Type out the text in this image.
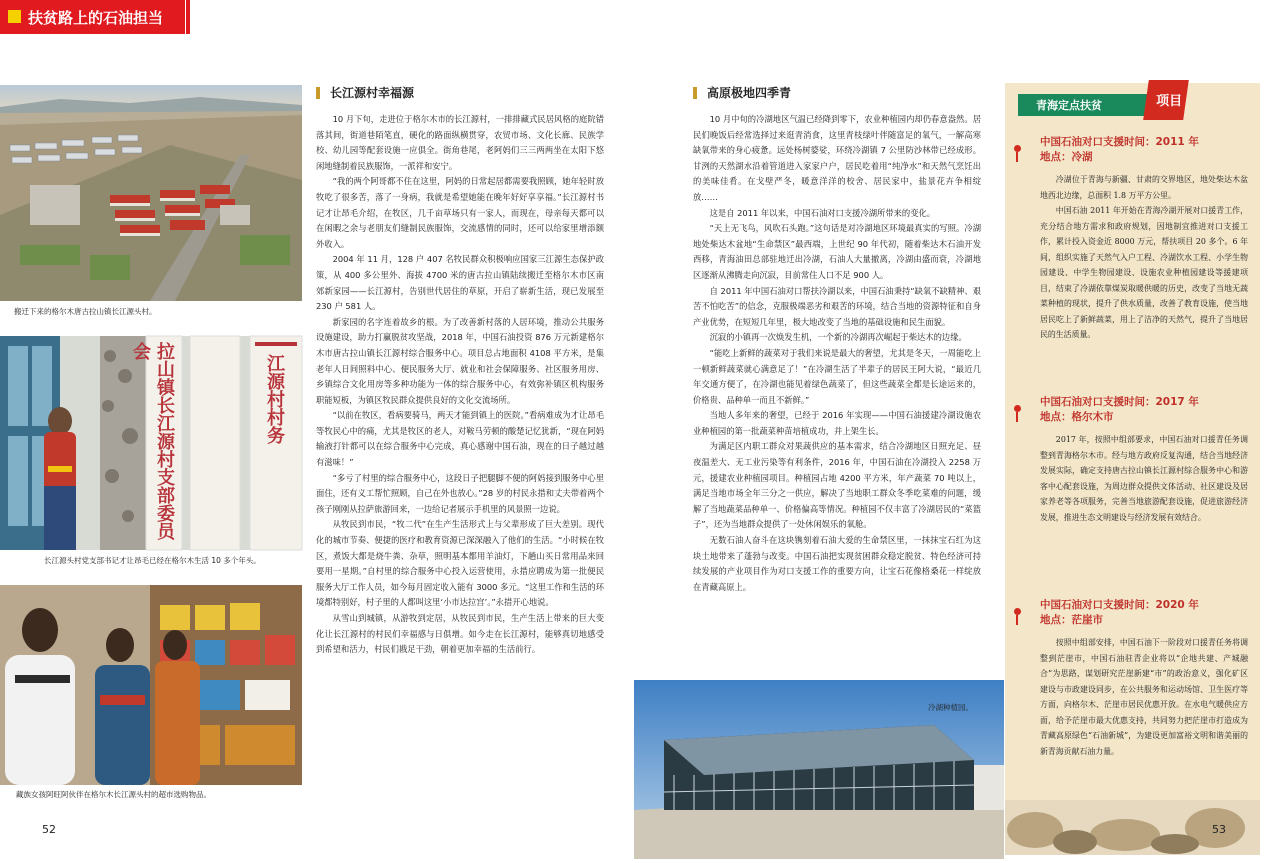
扶贫路上的石油担当
搬迁下来的格尔木唐古拉山镇长江源头村。
拉山镇长江源村支部委员会
江源村村务
长江源头村党支部书记才让昂毛已经在格尔木生活 10 多个年头。
藏族女孩阿旺阿伙伴在格尔木长江源头村的超市选购物品。
长江源村幸福源

10 月下旬，走进位于格尔木市的长江源村，一排排藏式民居风格的庭院错落其间，街道巷陌笔直，硬化的路面纵横贯穿，农贸市场、文化长廊、民族学校、幼儿园等配套设施一应俱全。街角巷尾，老阿妈们三三两两坐在太阳下悠闲地缝制着民族服饰，一派祥和安宁。

“我的两个阿哥都不住在这里，阿妈的日常起居都需要我照顾，她年轻时放牧吃了很多苦，落了一身病，我就是希望她能在晚年好好享享福。”长江源村书记才让昂毛介绍，在牧区，几千亩草场只有一家人，而现在，母亲每天都可以在闲暇之余与老朋友们缝制民族服饰，交流感情的同时，还可以给家里增添额外收入。

2004 年 11 月，128 户 407 名牧民群众积极响应国家三江源生态保护政策，从 400 多公里外、海拔 4700 米的唐古拉山镇陆续搬迁至格尔木市区南郊新家园——长江源村，告别世代居住的草原，开启了崭新生活，现已发展至 230 户 581 人。

新家园的名字连着故乡的根。为了改善新村落的人居环境，推动公共服务设施建设，助力打赢脱贫攻坚战，2018 年，中国石油投资 876 万元新建格尔木市唐古拉山镇长江源村综合服务中心。项目总占地面积 4108 平方米，是集老年人日间照料中心、便民服务大厅、就业和社会保障服务、社区服务用房、乡镇综合文化用房等多种功能为一体的综合服务中心，有效弥补镇区机构服务职能短板，为镇区牧民群众提供良好的文化交流场所。

“以前在牧区，看病要骑马，两天才能到镇上的医院。”看病难成为才让昂毛等牧民心中的痛，尤其是牧区的老人，对鞍马劳顿的酸楚记忆犹新，“现在阿妈输液打针都可以在综合服务中心完成，真心感谢中国石油，现在的日子越过越有滋味！”

“多亏了村里的综合服务中心，这段日子把腿脚不便的阿妈接到服务中心里面住，还有义工帮忙照顾，自己在外也放心。”28 岁的村民永措和丈夫带着两个孩子刚刚从拉萨旅游回来，一边给记者展示手机里的风景照一边说。

从牧民到市民，“牧二代”在生产生活形式上与父辈形成了巨大差别。现代化的城市节奏、便捷的医疗和教育资源已深深融入了他们的生活。“小时候在牧区，煮饭大都是烧牛粪、杂草，照明基本都用羊油灯，下趟山买日常用品来回要用一星期。”自村里的综合服务中心投入运营使用，永措应聘成为第一批便民服务大厅工作人员，如今每月固定收入能有 3000 多元。“这里工作和生活的环境都特别好，村子里的人都叫这里‘小市达拉宫’。”永措开心地说。

从雪山到城镇，从游牧到定居，从牧民到市民，生产生活上带来的巨大变化让长江源村的村民们幸福感与日俱增。如今走在长江源村，能够真切地感受到希望和活力，村民们戡足干劲，朝着更加幸福的生活前行。

52
高原极地四季青

10 月中旬的冷湖地区气温已经降到零下，农业种植园内却仍春意盎然。居民们晚饭后经常选择过来逛青消食，这里青枝绿叶伴随富足的氧气，一解高寒缺氧带来的身心疲惫。远处杨树婆娑，环绕冷湖镇 7 公里防沙林带已经成形。甘洌的天然湖水沿着管道进入家家户户，居民吃着用“纯净水”和天然气烹饪出的美味佳肴。在戈壁严冬，暖意洋洋的校舍、居民家中，盐景花卉争相绽放……

这是自 2011 年以来，中国石油对口支援冷湖所带来的变化。

“天上无飞鸟，风吹石头跑。”这句话是对冷湖地区环境最真实的写照。冷湖地处柴达木盆地“生命禁区”最西端，上世纪 90 年代初，随着柴达木石油开发西移，青海油田总部驻地迁出冷湖，石油人大量撤离，冷湖由盛而衰，冷湖地区逐渐从沸腾走向沉寂，目前常住人口不足 900 人。

自 2011 年中国石油对口帮扶冷湖以来，中国石油秉持“缺氧不缺精神、艰苦不怕吃苦”的信念，克服极端恶劣和艰苦的环境，结合当地的资源特征和自身产业优势，在短短几年里，极大地改变了当地的基础设施和民生面貌。

沉寂的小镇再一次焕发生机，一个新的冷湖再次崛起于柴达木的边缘。

“能吃上新鲜的蔬菜对于我们来说是最大的奢望，尤其是冬天，一周能吃上一顿新鲜蔬菜就心满意足了！”在冷湖生活了半辈子的居民王阿大说，“最近几年交通方便了，在冷湖也能见着绿色蔬菜了，但这些蔬菜全都是长途运来的，价格贵、品种单一而且不新鲜。”

当地人多年来的奢望，已经于 2016 年实现——中国石油援建冷湖设施农业种植园的第一批蔬菜种苗培植成功，并上架生长。

为满足区内职工群众对果蔬供应的基本需求，结合冷湖地区日照充足、昼夜温差大、无工业污染等有利条件，2016 年，中国石油在冷湖投入 2258 万元，援建农业种植园项目。种植园占地 4200 平方米，年产蔬菜 70 吨以上，满足当地市场全年三分之一供应，解决了当地职工群众冬季吃菜难的问题，缓解了当地蔬菜品种单一、价格偏高等情况。种植园不仅丰富了冷湖居民的“菜篮子”，还为当地群众提供了一处休闲娱乐的氧舱。

无数石油人奋斗在这块镌刻着石油大爱的生命禁区里，一抹抹宝石红为这块土地带来了蓬勃与改变。中国石油把实现贫困群众稳定脱贫、特色经济可持续发展的产业项目作为对口支援工作的重要方向，让宝石花像格桑花一样绽放在青藏高原上。

冷湖种植园。
青海定点扶贫	项目
中国石油对口支援时间：2011 年
地点：冷湖

冷湖位于青海与新疆、甘肃的交界地区，地处柴达木盆地西北边缘，总面积 1.8 万平方公里。

中国石油 2011 年开始在青海冷湖开展对口援青工作，充分结合地方需求和政府规划，因地制宜推进对口支援工作，累计投入资金近 8000 万元，帮扶项目 20 多个。6 年间，组织实施了天然气入户工程、冷湖饮水工程、小学生物园建设、中学生物园建设、设施农业种植园建设等援建项目，结束了冷湖依靠煤炭取暖供暖的历史，改变了当地无蔬菜种植的现状，提升了供水质量，改善了教育设施，使当地居民吃上了新鲜蔬菜，用上了洁净的天然气，提升了当地居民的生活质量。

中国石油对口支援时间：2017 年
地点：格尔木市

2017 年，按照中组部要求，中国石油对口援青任务调整到青海格尔木市。经与地方政府反复沟通，结合当地经济发展实际，确定支持唐古拉山镇长江源村综合服务中心和游客中心配套设施，为周边群众提供文体活动、社区建设及居家养老等各项服务，完善当地旅游配套设施，促进旅游经济发展，推进生态文明建设与经济发展有效结合。

中国石油对口支援时间：2020 年
地点：茫崖市

按照中组部安排，中国石油下一阶段对口援青任务将调整到茫崖市，中国石油驻青企业将以“企地共建、产城融合”为思路，谋划研究茫崖新建“市”的政治意义，强化矿区建设与市政建设同步，在公共服务和运动场馆、卫生医疗等方面，向格尔木、茫崖市居民优惠开放。在水电气暖供应方面，给予茫崖市最大优惠支持，共同努力把茫崖市打造成为青藏高原绿色“石油新城”，为建设更加富裕文明和谐美丽的新青海贡献石油力量。

53
